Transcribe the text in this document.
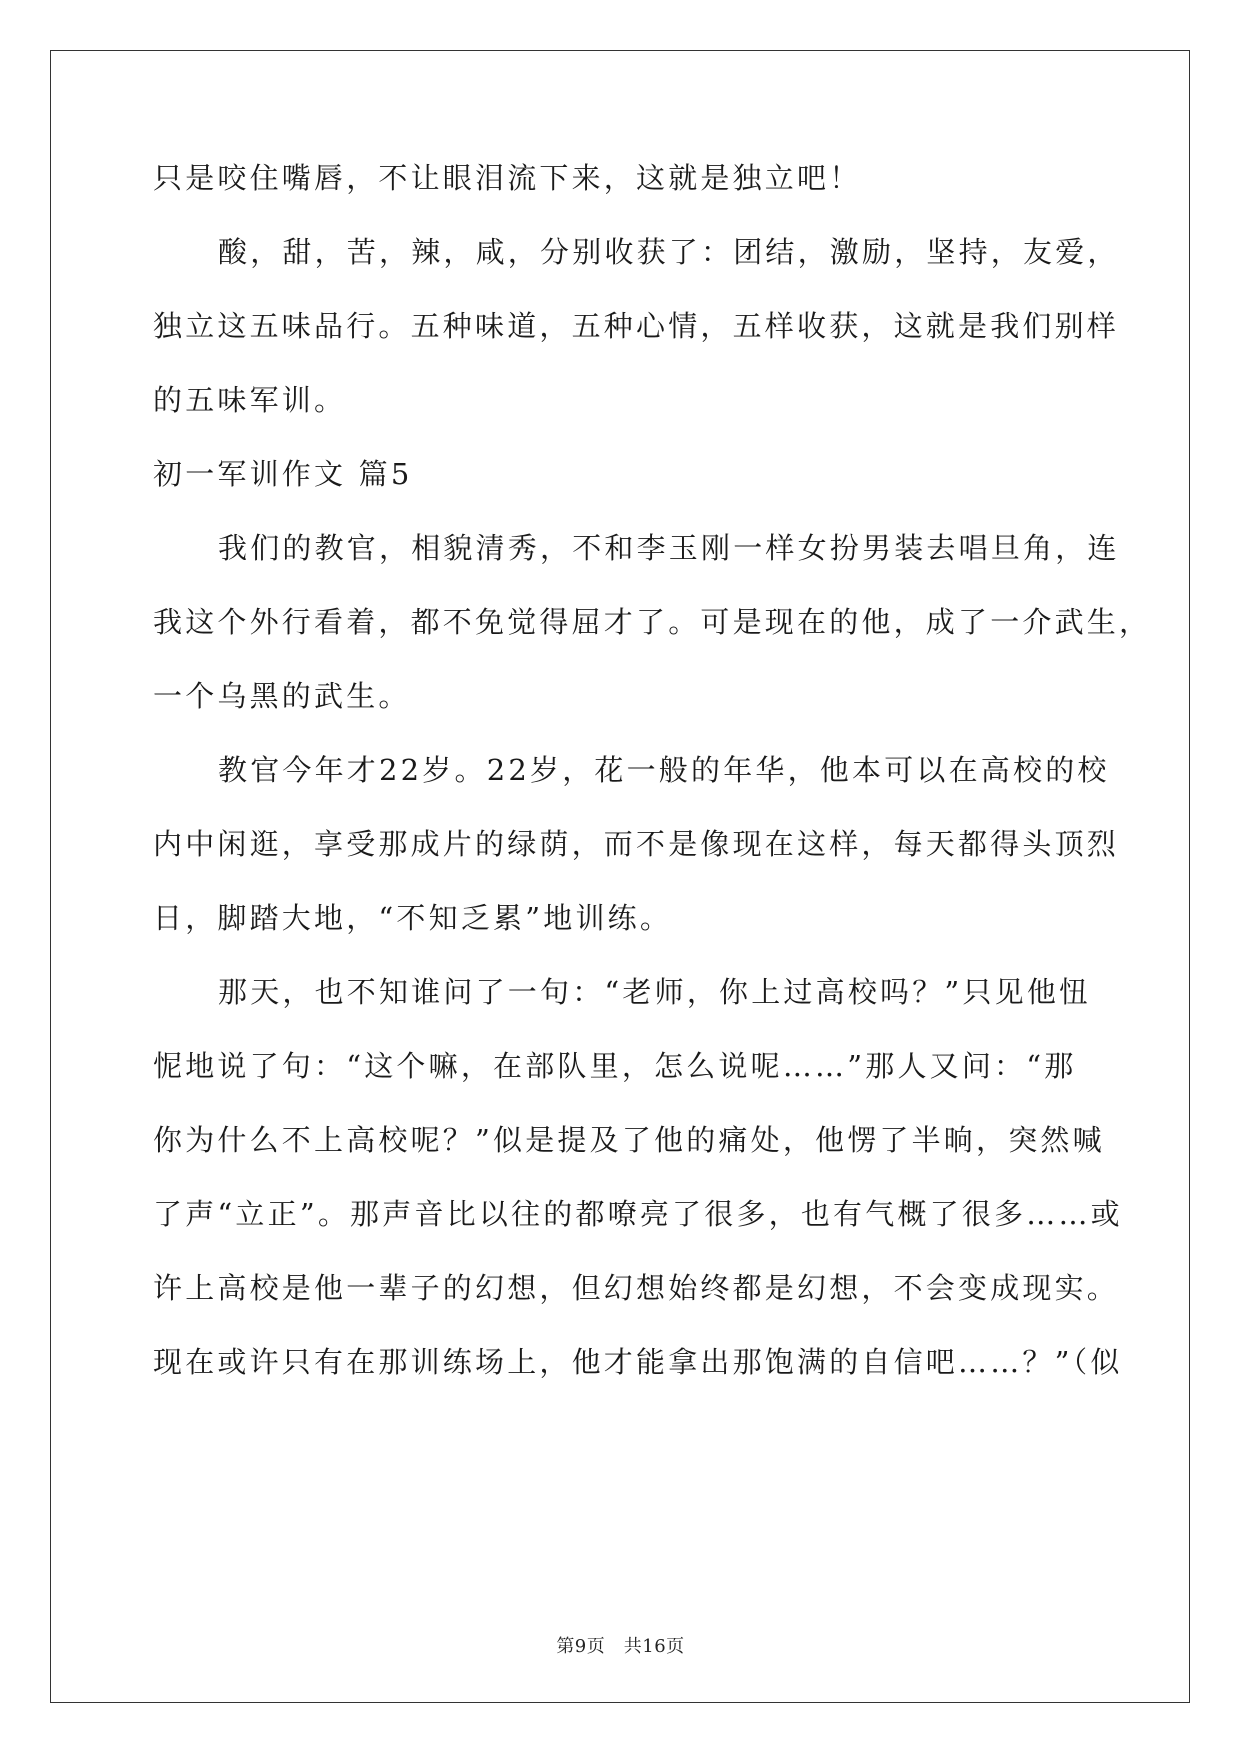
只是咬住嘴唇，不让眼泪流下来，这就是独立吧！
酸，甜，苦，辣，咸，分别收获了：团结，激励，坚持，友爱，
独立这五味品行。五种味道，五种心情，五样收获，这就是我们别样
的五味军训。
初一军训作文 篇5
我们的教官，相貌清秀，不和李玉刚一样女扮男装去唱旦角，连
我这个外行看着，都不免觉得屈才了。可是现在的他，成了一介武生，
一个乌黑的武生。
教官今年才22岁。22岁，花一般的年华，他本可以在高校的校
内中闲逛，享受那成片的绿荫，而不是像现在这样，每天都得头顶烈
日，脚踏大地，“不知乏累”地训练。
那天，也不知谁问了一句：“老师，你上过高校吗？”只见他忸
怩地说了句：“这个嘛，在部队里，怎么说呢……”那人又问：“那
你为什么不上高校呢？”似是提及了他的痛处，他愣了半晌，突然喊
了声“立正”。那声音比以往的都嘹亮了很多，也有气概了很多……或
许上高校是他一辈子的幻想，但幻想始终都是幻想，不会变成现实。
现在或许只有在那训练场上，他才能拿出那饱满的自信吧……？”（似
第9页　共16页
